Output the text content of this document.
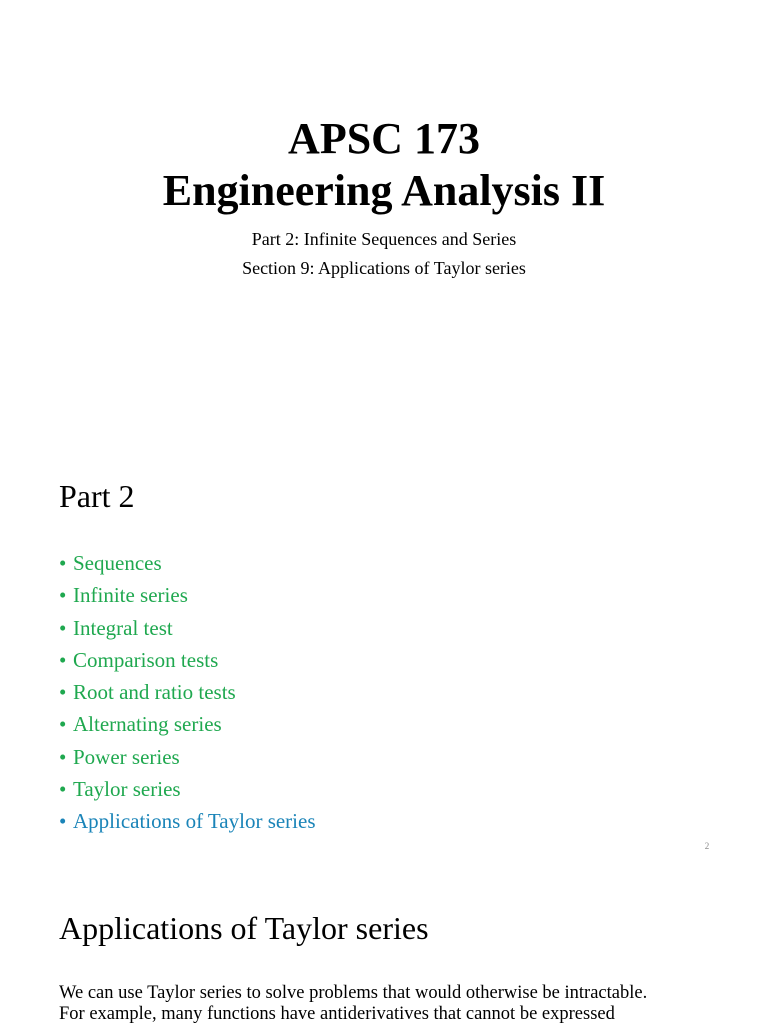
APSC 173
Engineering Analysis II
Part 2: Infinite Sequences and Series
Section 9: Applications of Taylor series
Part 2
• Sequences
• Infinite series
• Integral test
• Comparison tests
• Root and ratio tests
• Alternating series
• Power series
• Taylor series
• Applications of Taylor series
2
Applications of Taylor series
We can use Taylor series to solve problems that would otherwise be intractable.
For example, many functions have antiderivatives that cannot be expressed
